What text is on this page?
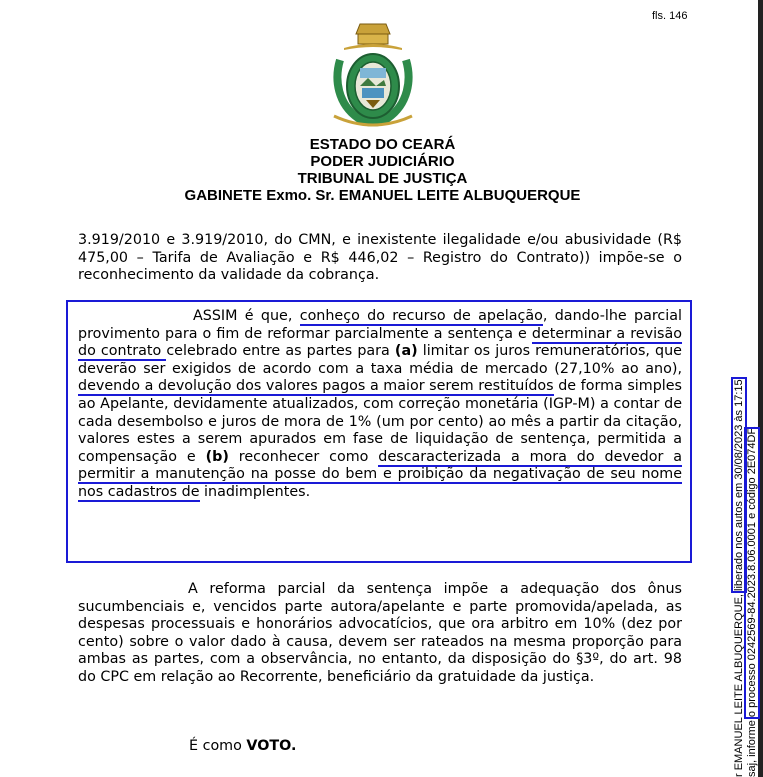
fls. 146
ESTADO DO CEARÁ
PODER JUDICIÁRIO
TRIBUNAL DE JUSTIÇA
GABINETE Exmo. Sr. EMANUEL LEITE ALBUQUERQUE

3.919/2010 e 3.919/2010, do CMN, e inexistente ilegalidade e/ou abusividade (R$ 475,00 – Tarifa de Avaliação e R$ 446,02 – Registro do Contrato)) impõe-se o reconhecimento da validade da cobrança.

ASSIM é que, conheço do recurso de apelação, dando-lhe parcial provimento para o fim de reformar parcialmente a sentença e determinar a revisão do contrato celebrado entre as partes para (a) limitar os juros remuneratórios, que deverão ser exigidos de acordo com a taxa média de mercado (27,10% ao ano), devendo a devolução dos valores pagos a maior serem restituídos de forma simples ao Apelante, devidamente atualizados, com correção monetária (IGP-M) a contar de cada desembolso e juros de mora de 1% (um por cento) ao mês a partir da citação, valores estes a serem apurados em fase de liquidação de sentença, permitida a compensação e (b) reconhecer como descaracterizada a mora do devedor a permitir a manutenção na posse do bem e proibição da negativação de seu nome nos cadastros de inadimplentes.

A reforma parcial da sentença impõe a adequação dos ônus sucumbenciais e, vencidos parte autora/apelante e parte promovida/apelada, as despesas processuais e honorários advocatícios, que ora arbitro em 10% (dez por cento) sobre o valor dado à causa, devem ser rateados na mesma proporção para ambas as partes, com a observância, no entanto, da disposição do §3º, do art. 98 do CPC em relação ao Recorrente, beneficiário da gratuidade da justiça.

É como VOTO.	r EMANUEL LEITE ALBUQUERQUE, liberado nos autos em 30/08/2023 às 17:15.
saj, informe o processo 0242569-84.2023.8.06.0001 e código 2E074DF.
